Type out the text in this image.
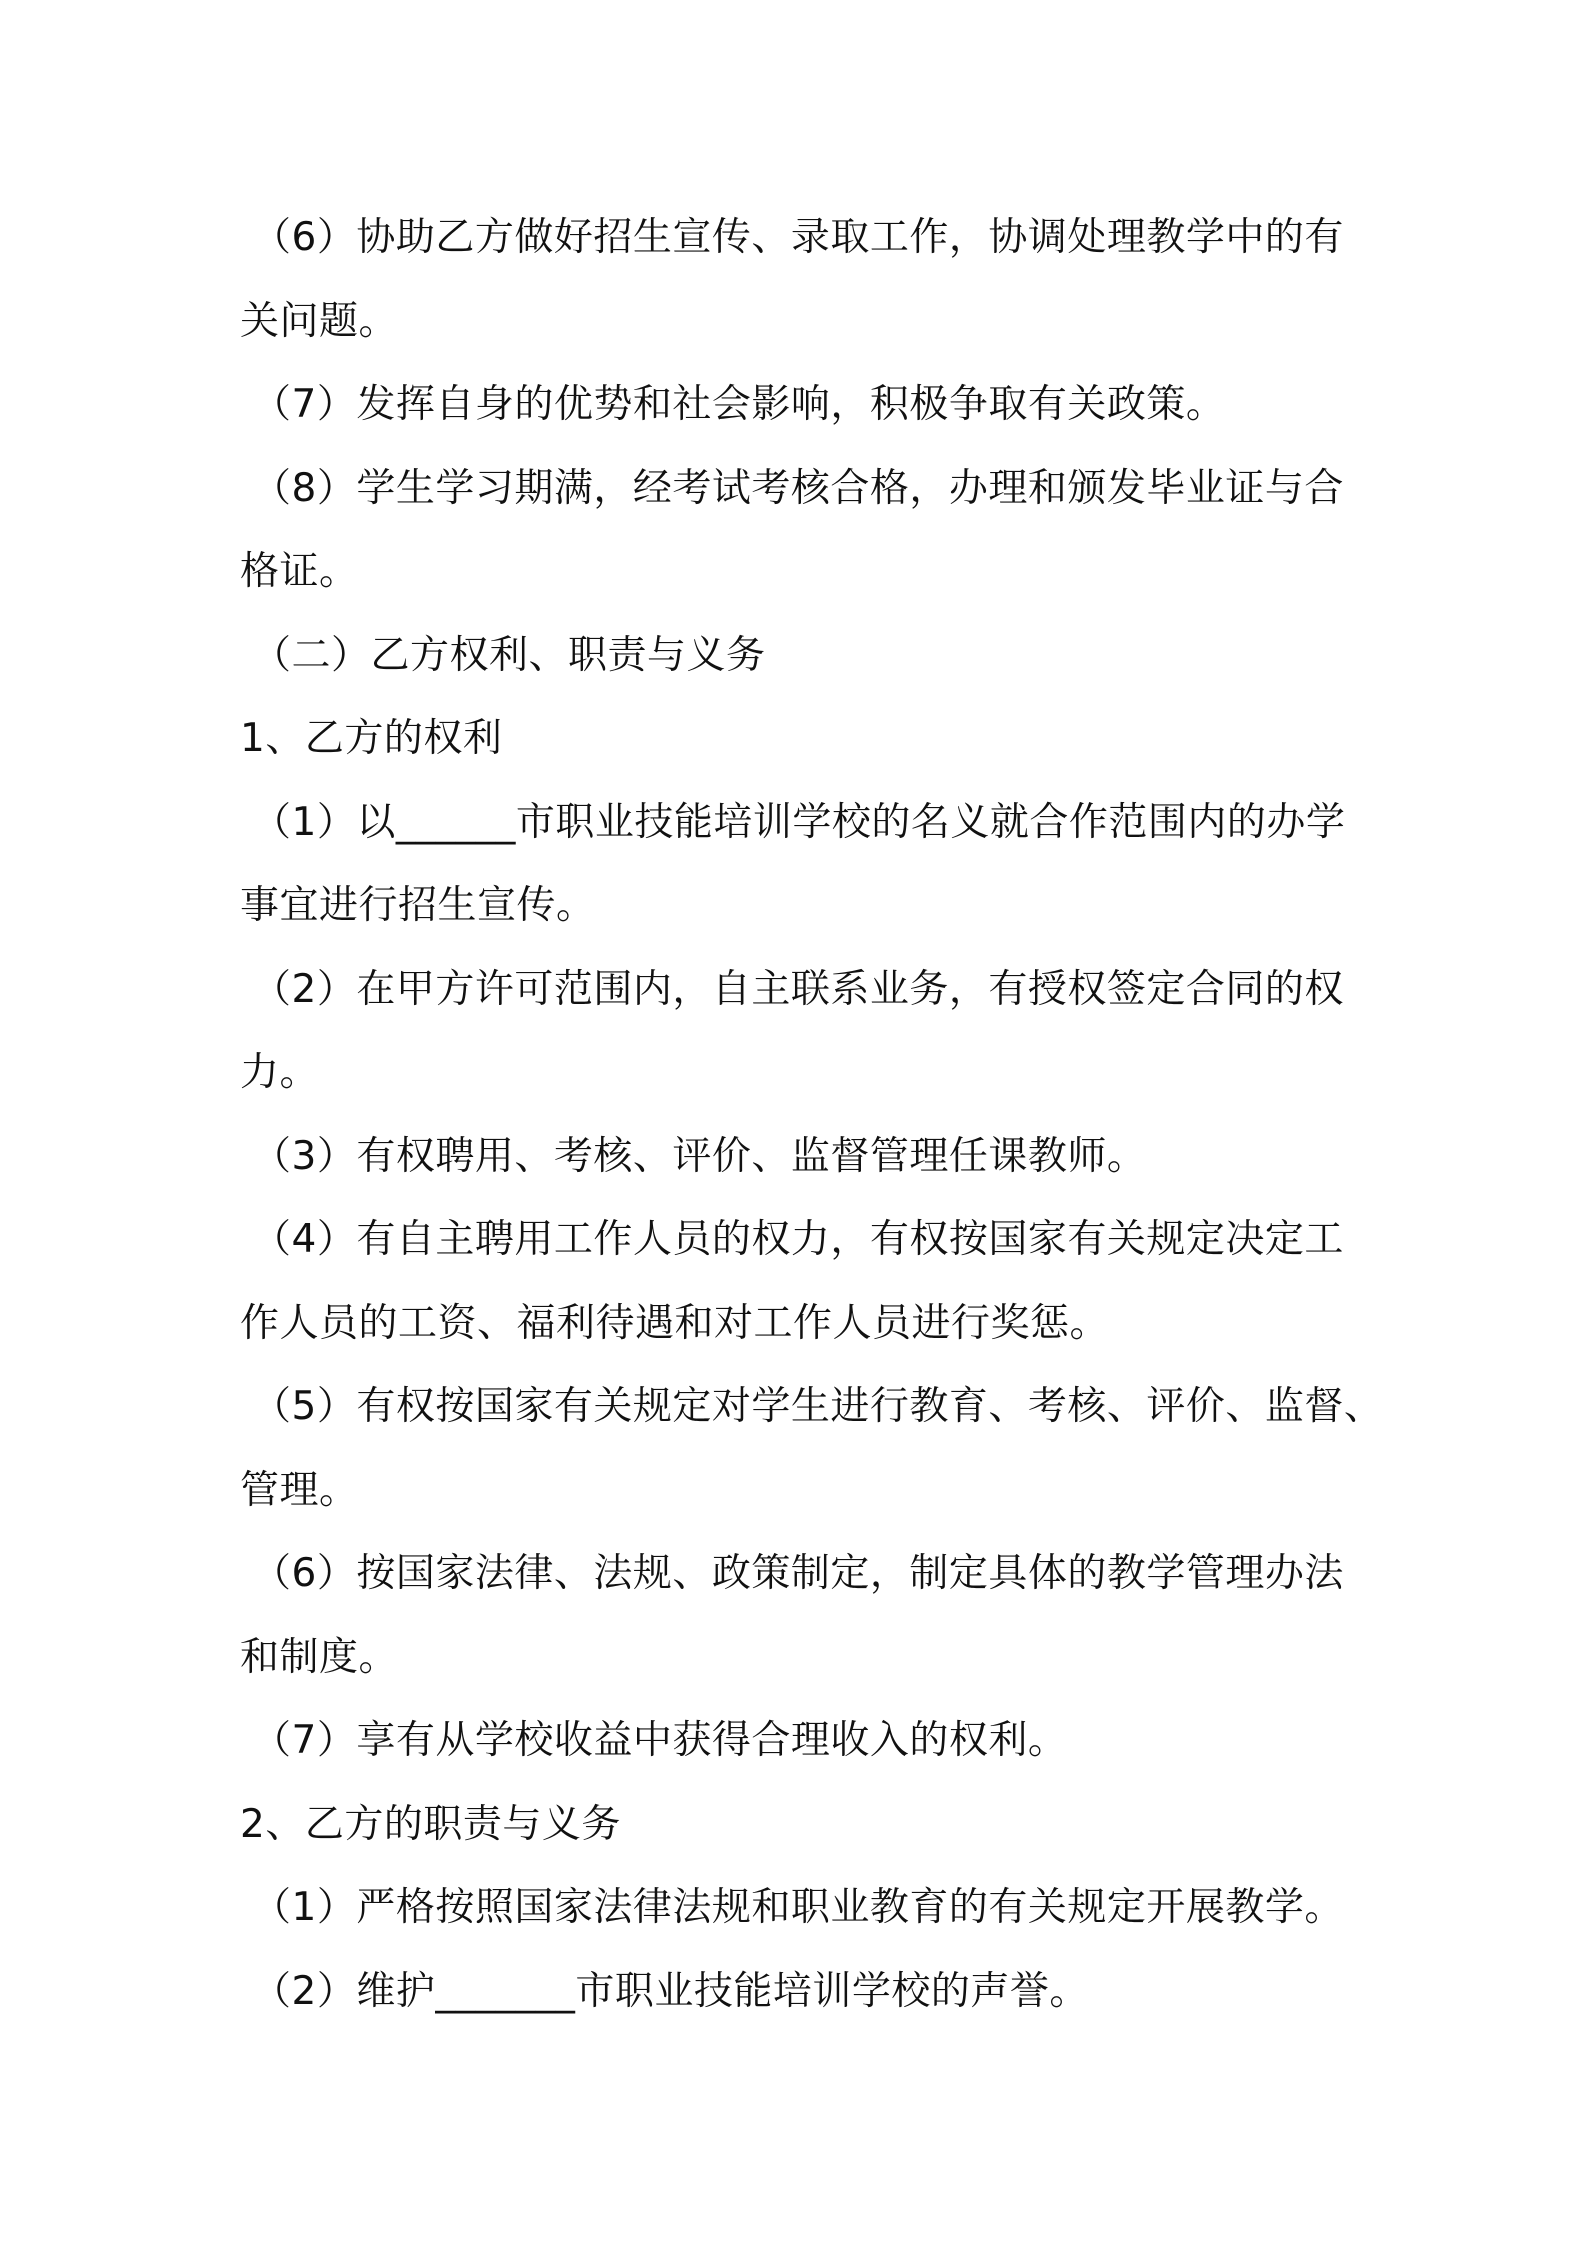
（6）协助乙方做好招生宣传、录取工作，协调处理教学中的有
关问题。
（7）发挥自身的优势和社会影响，积极争取有关政策。
（8）学生学习期满，经考试考核合格，办理和颁发毕业证与合
格证。
（二）乙方权利、职责与义务
1、乙方的权利
（1）以______市职业技能培训学校的名义就合作范围内的办学
事宜进行招生宣传。
（2）在甲方许可范围内，自主联系业务，有授权签定合同的权
力。
（3）有权聘用、考核、评价、监督管理任课教师。
（4）有自主聘用工作人员的权力，有权按国家有关规定决定工
作人员的工资、福利待遇和对工作人员进行奖惩。
（5）有权按国家有关规定对学生进行教育、考核、评价、监督、
管理。
（6）按国家法律、法规、政策制定，制定具体的教学管理办法
和制度。
（7）享有从学校收益中获得合理收入的权利。
2、乙方的职责与义务
（1）严格按照国家法律法规和职业教育的有关规定开展教学。
（2）维护_______市职业技能培训学校的声誉。
